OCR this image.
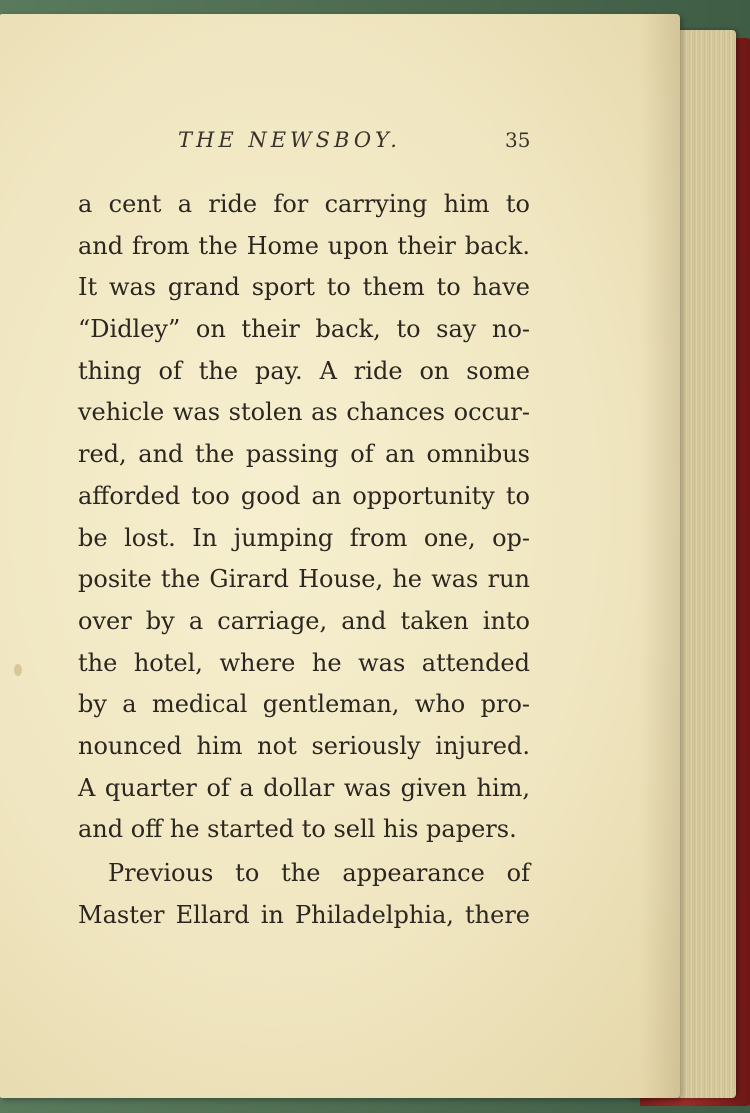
THE NEWSBOY.	35
a cent a ride for carrying him to
and from the Home upon their back.
It was grand sport to them to have
“Didley” on their back, to say no-
thing of the pay. A ride on some
vehicle was stolen as chances occur-
red, and the passing of an omnibus
afforded too good an opportunity to
be lost. In jumping from one, op-
posite the Girard House, he was run
over by a carriage, and taken into
the hotel, where he was attended
by a medical gentleman, who pro-
nounced him not seriously injured.
A quarter of a dollar was given him,
and off he started to sell his papers.
Previous to the appearance of
Master Ellard in Philadelphia, there
